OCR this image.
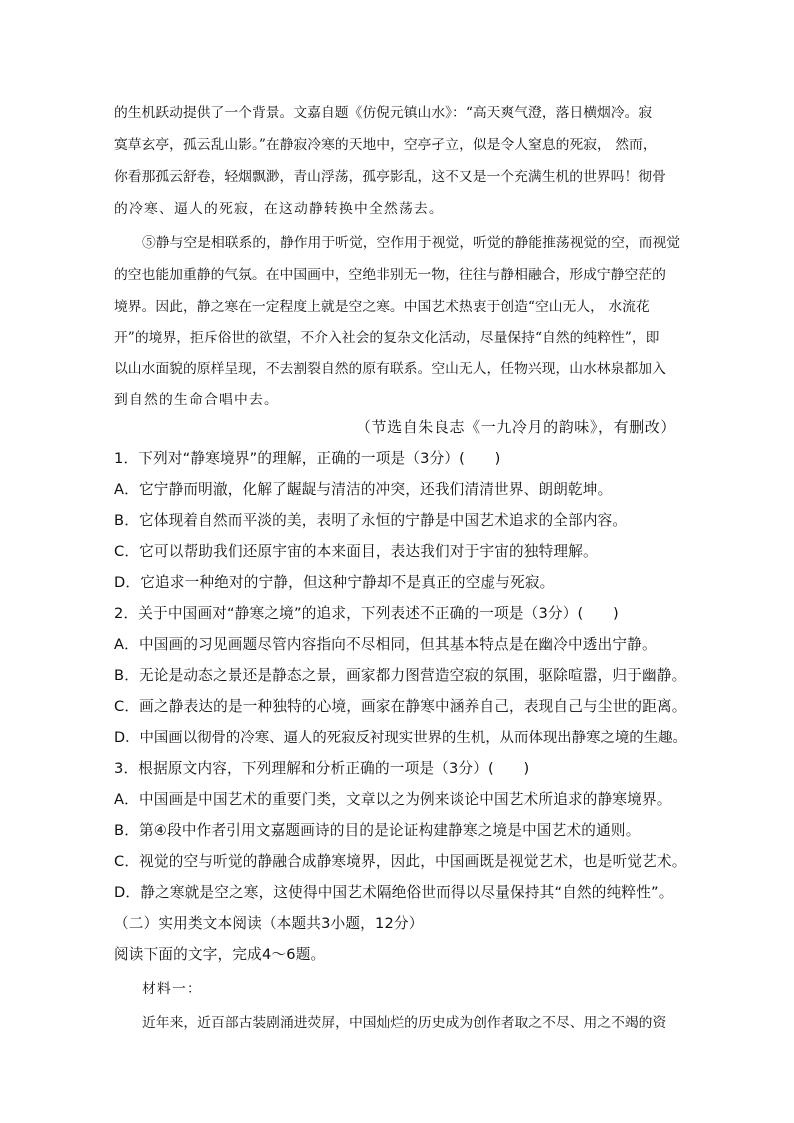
的生机跃动提供了一个背景。文嘉自题《仿倪元镇山水》：“高天爽气澄，落日横烟冷。寂
寞草玄亭，孤云乱山影。”在静寂冷寒的天地中，空亭孑立，似是令人窒息的死寂， 然而，
你看那孤云舒卷，轻烟飘渺，青山浮荡，孤亭影乱，这不又是一个充满生机的世界吗！彻骨
的冷寒、逼人的死寂，在这动静转换中全然荡去。
⑤静与空是相联系的，静作用于听觉，空作用于视觉，听觉的静能推荡视觉的空，而视觉
的空也能加重静的气氛。在中国画中，空绝非别无一物，往往与静相融合，形成宁静空茫的
境界。因此，静之寒在一定程度上就是空之寒。中国艺术热衷于创造“空山无人， 水流花
开”的境界，拒斥俗世的欲望，不介入社会的复杂文化活动，尽量保持“自然的纯粹性”，即
以山水面貌的原样呈现，不去割裂自然的原有联系。空山无人，任物兴现，山水林泉都加入
到自然的生命合唱中去。
（节选自朱良志《一九冷月的韵味》，有删改）
1．下列对“静寒境界”的理解，正确的一项是（3分）(　　)
A．它宁静而明澈，化解了龌龊与清洁的冲突，还我们清清世界、朗朗乾坤。
B．它体现着自然而平淡的美，表明了永恒的宁静是中国艺术追求的全部内容。
C．它可以帮助我们还原宇宙的本来面目，表达我们对于宇宙的独特理解。
D．它追求一种绝对的宁静，但这种宁静却不是真正的空虚与死寂。
2．关于中国画对“静寒之境”的追求，下列表述不正确的一项是（3分）(　　)
A．中国画的习见画题尽管内容指向不尽相同，但其基本特点是在幽冷中透出宁静。
B．无论是动态之景还是静态之景，画家都力图营造空寂的氛围，驱除喧嚣，归于幽静。
C．画之静表达的是一种独特的心境，画家在静寒中涵养自己，表现自己与尘世的距离。
D．中国画以彻骨的冷寒、逼人的死寂反衬现实世界的生机，从而体现出静寒之境的生趣。
3．根据原文内容，下列理解和分析正确的一项是（3分）(　　)
A．中国画是中国艺术的重要门类，文章以之为例来谈论中国艺术所追求的静寒境界。
B．第④段中作者引用文嘉题画诗的目的是论证构建静寒之境是中国艺术的通则。
C．视觉的空与听觉的静融合成静寒境界，因此，中国画既是视觉艺术，也是听觉艺术。
D．静之寒就是空之寒，这使得中国艺术隔绝俗世而得以尽量保持其“自然的纯粹性”。
（二）实用类文本阅读（本题共3小题，12分）
阅读下面的文字，完成4～6题。
材料一：
近年来，近百部古装剧涌进荧屏，中国灿烂的历史成为创作者取之不尽、用之不竭的资
